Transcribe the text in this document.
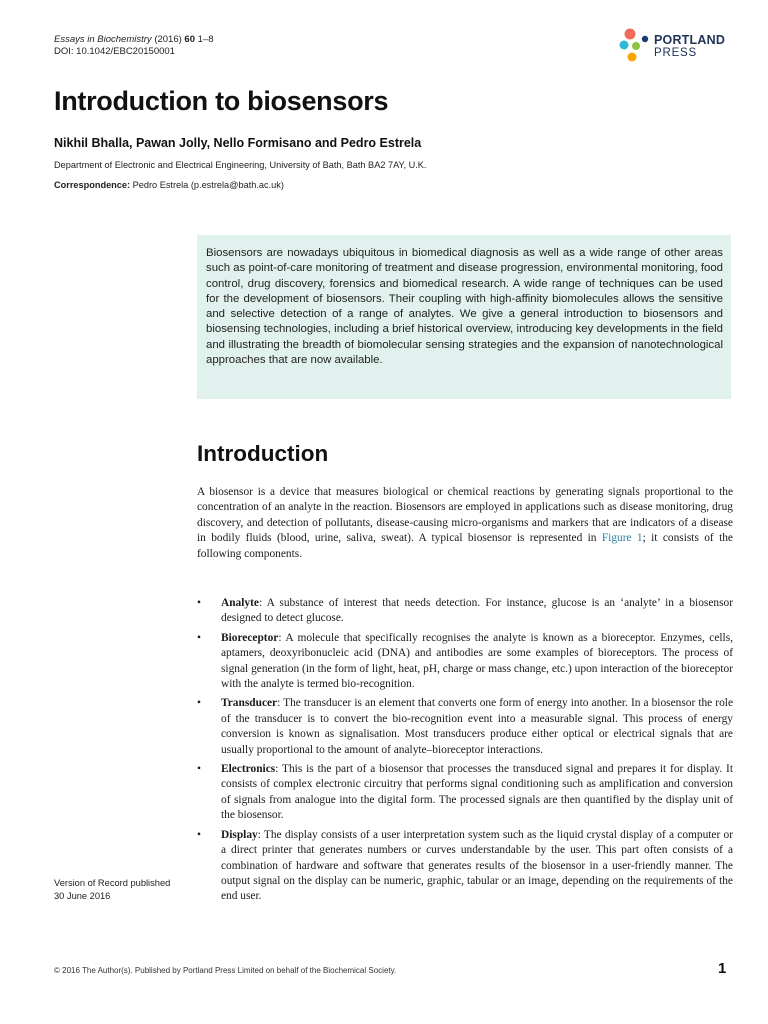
Essays in Biochemistry (2016) 60 1–8
DOI: 10.1042/EBC20150001
PORTLAND
PRESS
Introduction to biosensors

Nikhil Bhalla, Pawan Jolly, Nello Formisano and Pedro Estrela

Department of Electronic and Electrical Engineering, University of Bath, Bath BA2 7AY, U.K.

Correspondence: Pedro Estrela (p.estrela@bath.ac.uk)

Biosensors are nowadays ubiquitous in biomedical diagnosis as well as a wide range of other areas such as point-of-care monitoring of treatment and disease progression, environmental monitoring, food control, drug discovery, forensics and biomedical research. A wide range of techniques can be used for the development of biosensors. Their coupling with high-affinity biomolecules allows the sensitive and selective detection of a range of analytes. We give a general introduction to biosensors and biosensing technologies, including a brief historical overview, introducing key developments in the field and illustrating the breadth of biomolecular sensing strategies and the expansion of nanotechnological approaches that are now available.

Introduction

A biosensor is a device that measures biological or chemical reactions by generating signals proportional to the concentration of an analyte in the reaction. Biosensors are employed in applications such as disease monitoring, drug discovery, and detection of pollutants, disease-causing micro-organisms and markers that are indicators of a disease in bodily fluids (blood, urine, saliva, sweat). A typical biosensor is represented in Figure 1; it consists of the following components.

• Analyte: A substance of interest that needs detection. For instance, glucose is an ‘analyte’ in a biosensor designed to detect glucose.
• Bioreceptor: A molecule that specifically recognises the analyte is known as a bioreceptor. Enzymes, cells, aptamers, deoxyribonucleic acid (DNA) and antibodies are some examples of bioreceptors. The process of signal generation (in the form of light, heat, pH, charge or mass change, etc.) upon interaction of the bioreceptor with the analyte is termed bio-recognition.
• Transducer: The transducer is an element that converts one form of energy into another. In a biosensor the role of the transducer is to convert the bio-recognition event into a measurable signal. This process of energy conversion is known as signalisation. Most transducers produce either optical or electrical signals that are usually proportional to the amount of analyte–bioreceptor interactions.
• Electronics: This is the part of a biosensor that processes the transduced signal and prepares it for display. It consists of complex electronic circuitry that performs signal conditioning such as amplification and conversion of signals from analogue into the digital form. The processed signals are then quantified by the display unit of the biosensor.
• Display: The display consists of a user interpretation system such as the liquid crystal display of a computer or a direct printer that generates numbers or curves understandable by the user. This part often consists of a combination of hardware and software that generates results of the biosensor in a user-friendly manner. The output signal on the display can be numeric, graphic, tabular or an image, depending on the requirements of the end user.

Version of Record published
30 June 2016

© 2016 The Author(s). Published by Portland Press Limited on behalf of the Biochemical Society.	1
